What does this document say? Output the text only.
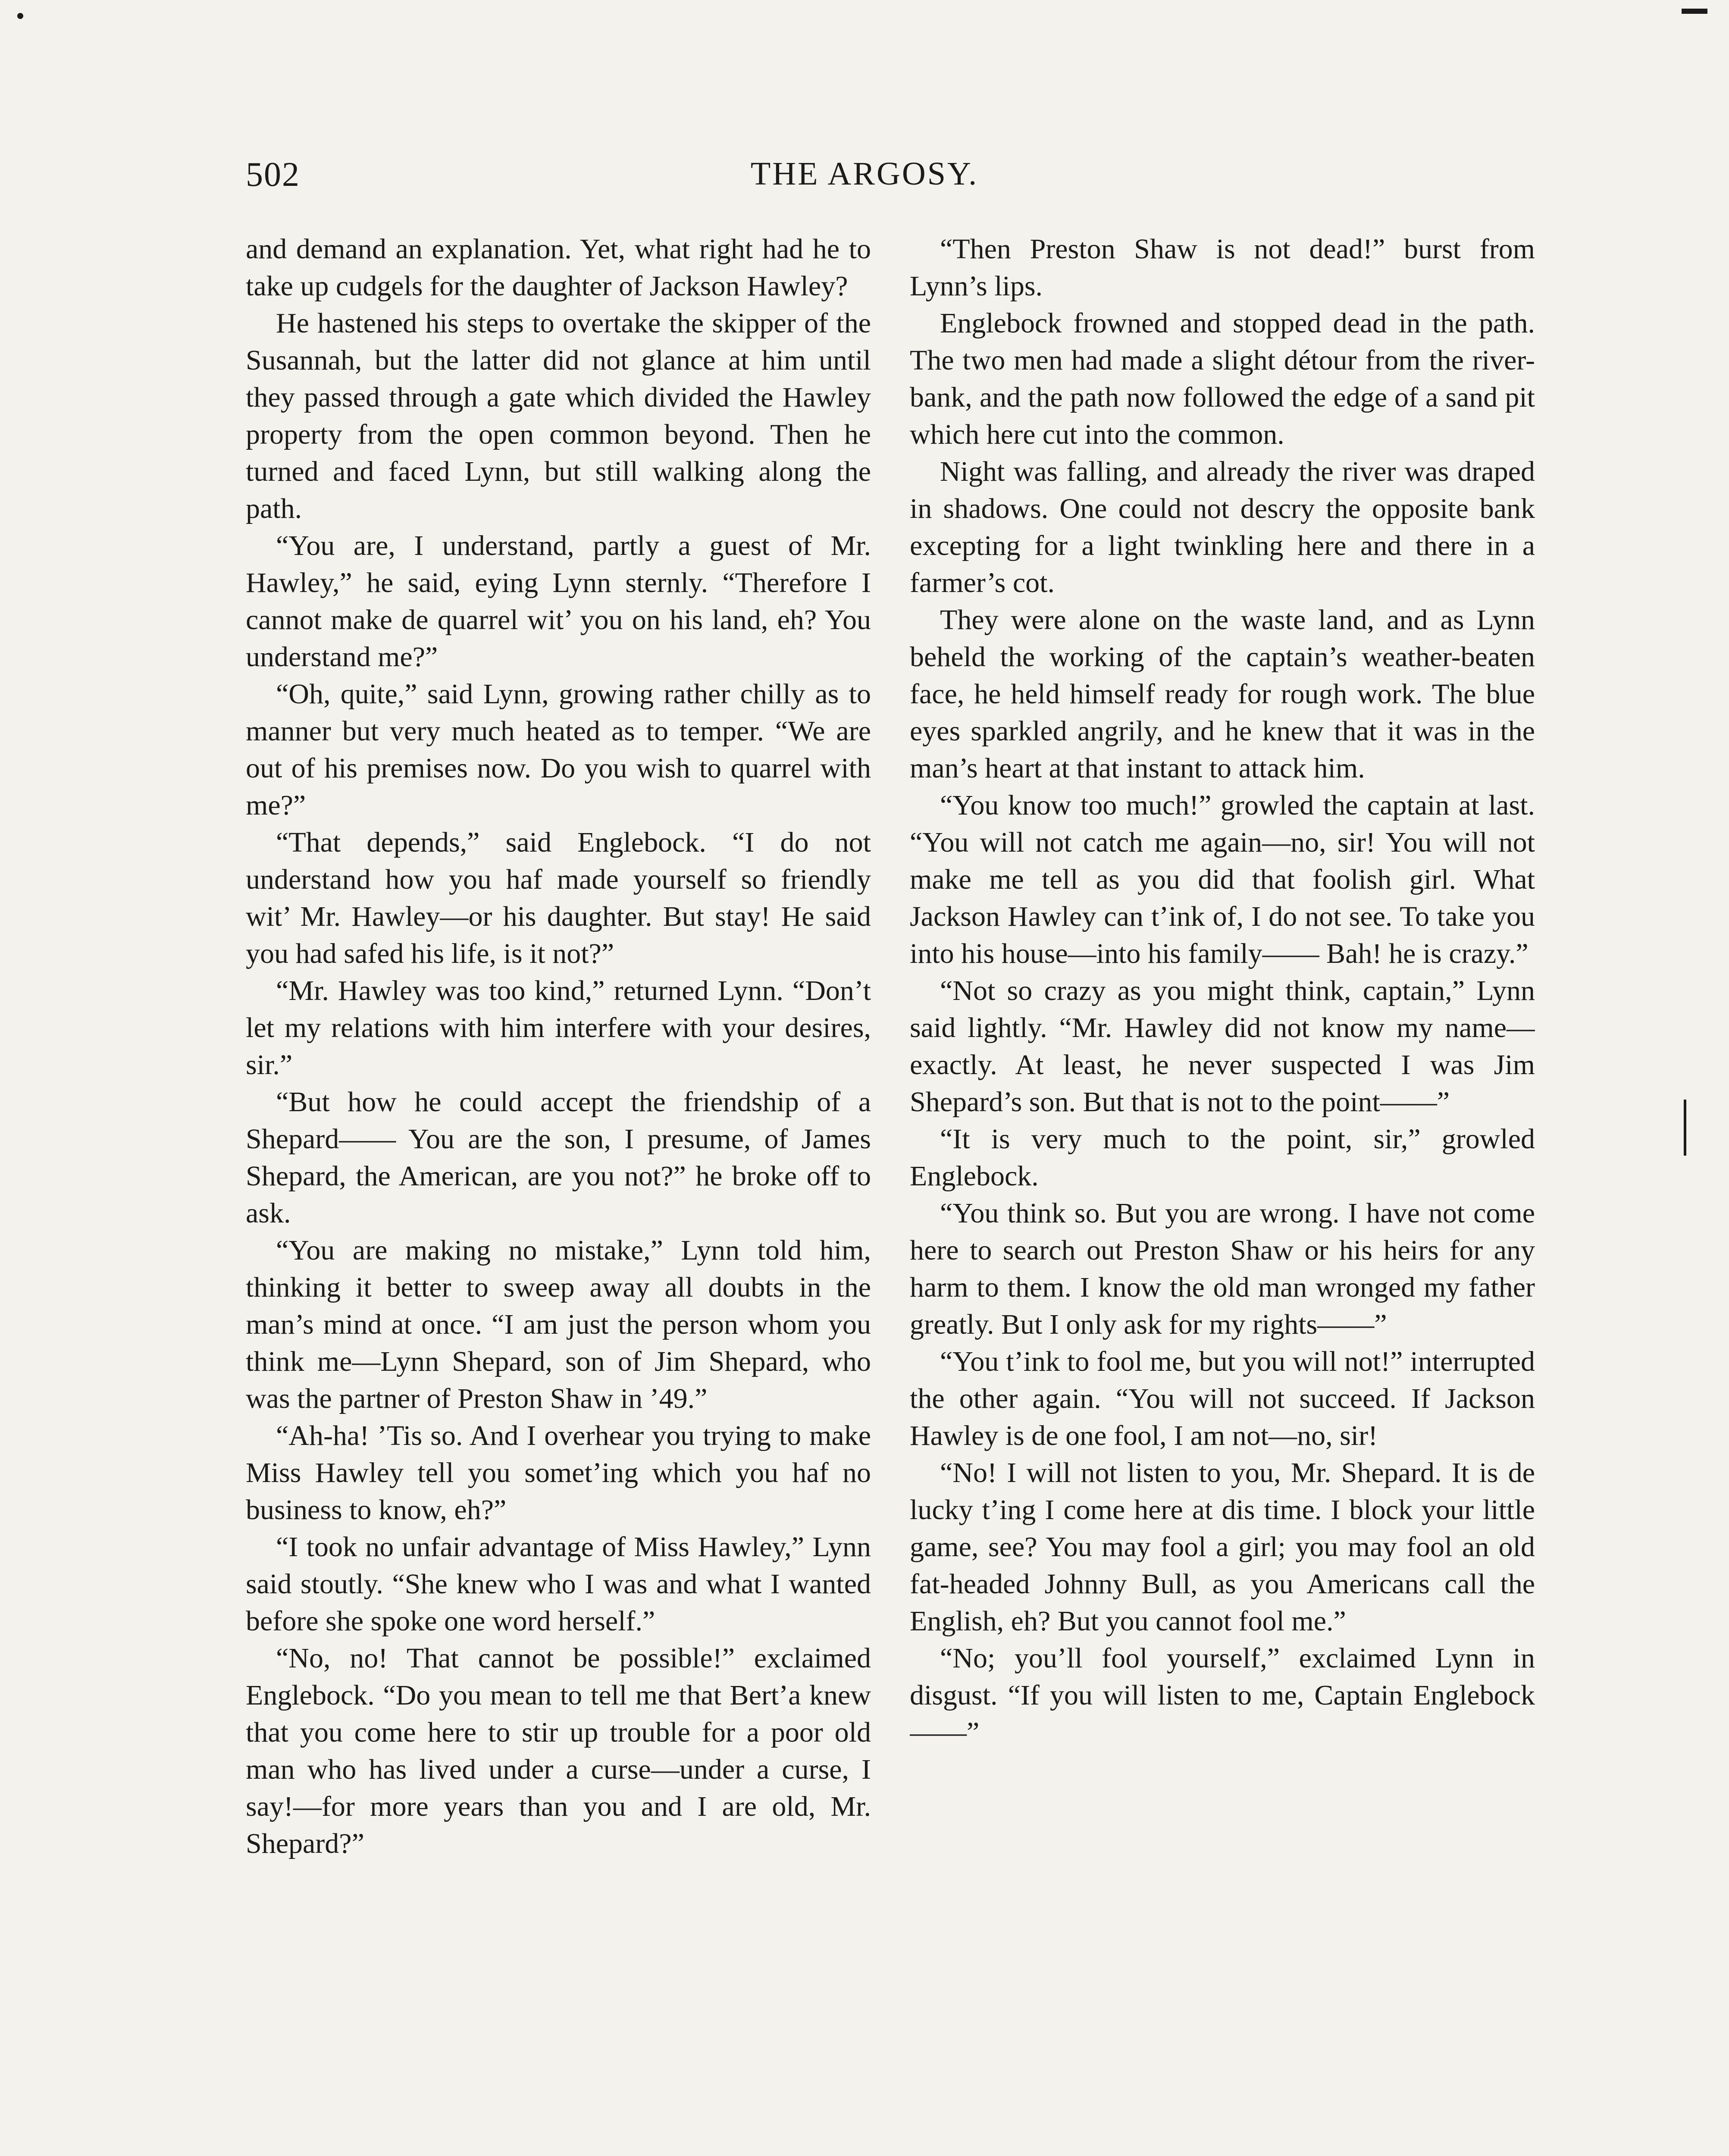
502	THE ARGOSY.

and demand an explanation. Yet, what right had he to take up cudgels for the daughter of Jackson Hawley?

He hastened his steps to overtake the skipper of the Susannah, but the latter did not glance at him until they passed through a gate which divided the Hawley property from the open common beyond. Then he turned and faced Lynn, but still walking along the path.

“You are, I understand, partly a guest of Mr. Hawley,” he said, eying Lynn sternly. “Therefore I cannot make de quarrel wit’ you on his land, eh? You understand me?”

“Oh, quite,” said Lynn, growing rather chilly as to manner but very much heated as to temper. “We are out of his premises now. Do you wish to quarrel with me?”

“That depends,” said Englebock. “I do not understand how you haf made yourself so friendly wit’ Mr. Hawley—or his daughter. But stay! He said you had safed his life, is it not?”

“Mr. Hawley was too kind,” returned Lynn. “Don’t let my relations with him interfere with your desires, sir.”

“But how he could accept the friendship of a Shepard—— You are the son, I presume, of James Shepard, the American, are you not?” he broke off to ask.

“You are making no mistake,” Lynn told him, thinking it better to sweep away all doubts in the man’s mind at once. “I am just the person whom you think me—Lynn Shepard, son of Jim Shepard, who was the partner of Preston Shaw in ’49.”

“Ah-ha! ’Tis so. And I overhear you trying to make Miss Hawley tell you somet’ing which you haf no business to know, eh?”

“I took no unfair advantage of Miss Hawley,” Lynn said stoutly. “She knew who I was and what I wanted before she spoke one word herself.”

“No, no! That cannot be possible!” exclaimed Englebock. “Do you mean to tell me that Bert’a knew that you come here to stir up trouble for a poor old man who has lived under a curse—under a curse, I say!—for more years than you and I are old, Mr. Shepard?”

“Then Preston Shaw is not dead!” burst from Lynn’s lips.

Englebock frowned and stopped dead in the path. The two men had made a slight détour from the river-bank, and the path now followed the edge of a sand pit which here cut into the common.

Night was falling, and already the river was draped in shadows. One could not descry the opposite bank excepting for a light twinkling here and there in a farmer’s cot.

They were alone on the waste land, and as Lynn beheld the working of the captain’s weather-beaten face, he held himself ready for rough work. The blue eyes sparkled angrily, and he knew that it was in the man’s heart at that instant to attack him.

“You know too much!” growled the captain at last. “You will not catch me again—no, sir! You will not make me tell as you did that foolish girl. What Jackson Hawley can t’ink of, I do not see. To take you into his house—into his family—— Bah! he is crazy.”

“Not so crazy as you might think, captain,” Lynn said lightly. “Mr. Hawley did not know my name—exactly. At least, he never suspected I was Jim Shepard’s son. But that is not to the point——”

“It is very much to the point, sir,” growled Englebock.

“You think so. But you are wrong. I have not come here to search out Preston Shaw or his heirs for any harm to them. I know the old man wronged my father greatly. But I only ask for my rights——”

“You t’ink to fool me, but you will not!” interrupted the other again. “You will not succeed. If Jackson Hawley is de one fool, I am not—no, sir!

“No! I will not listen to you, Mr. Shepard. It is de lucky t’ing I come here at dis time. I block your little game, see? You may fool a girl; you may fool an old fat-headed Johnny Bull, as you Americans call the English, eh? But you cannot fool me.”

“No; you’ll fool yourself,” exclaimed Lynn in disgust. “If you will listen to me, Captain Englebock——”
